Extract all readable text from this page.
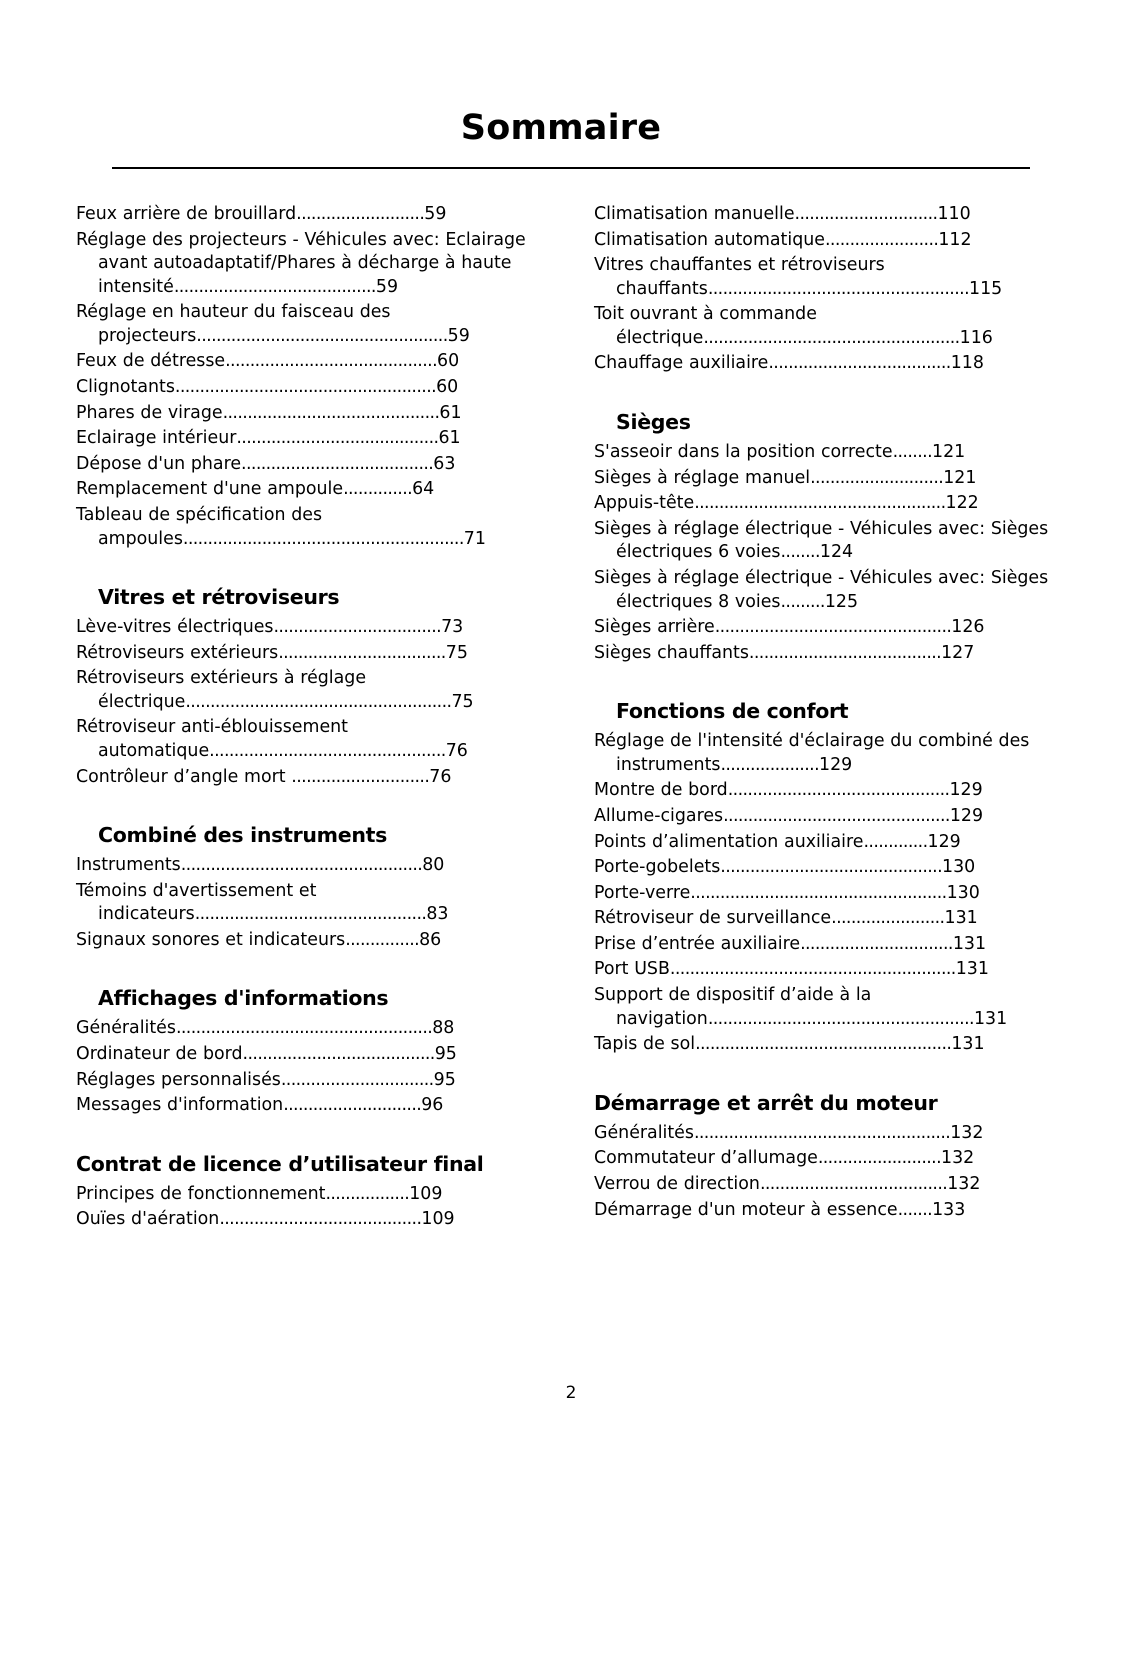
Sommaire
Feux arrière de brouillard..........................59
Réglage des projecteurs - Véhicules avec: Eclairage avant autoadaptatif/Phares à décharge à haute intensité.........................................59
Réglage en hauteur du faisceau des projecteurs...................................................59
Feux de détresse...........................................60
Clignotants.....................................................60
Phares de virage............................................61
Eclairage intérieur.........................................61
Dépose d'un phare.......................................63
Remplacement d'une ampoule..............64
Tableau de spécification des ampoules.........................................................71
Vitres et rétroviseurs
Lève-vitres électriques..................................73
Rétroviseurs extérieurs..................................75
Rétroviseurs extérieurs à réglage électrique......................................................75
Rétroviseur anti-éblouissement automatique................................................76
Contrôleur d’angle mort ............................76
Combiné des instruments
Instruments.................................................80
Témoins d'avertissement et indicateurs...............................................83
Signaux sonores et indicateurs...............86
Affichages d'informations
Généralités....................................................88
Ordinateur de bord.......................................95
Réglages personnalisés...............................95
Messages d'information............................96
Contrat de licence d’utilisateur final
Principes de fonctionnement.................109
Ouïes d'aération.........................................109
Climatisation manuelle.............................110
Climatisation automatique.......................112
Vitres chauffantes et rétroviseurs chauffants.....................................................115
Toit ouvrant à commande électrique....................................................116
Chauffage auxiliaire.....................................118
Sièges
S'asseoir dans la position correcte........121
Sièges à réglage manuel...........................121
Appuis-tête...................................................122
Sièges à réglage électrique - Véhicules avec: Sièges électriques 6 voies........124
Sièges à réglage électrique - Véhicules avec: Sièges électriques 8 voies.........125
Sièges arrière................................................126
Sièges chauffants.......................................127
Fonctions de confort
Réglage de l'intensité d'éclairage du combiné des instruments....................129
Montre de bord.............................................129
Allume-cigares..............................................129
Points d’alimentation auxiliaire.............129
Porte-gobelets.............................................130
Porte-verre....................................................130
Rétroviseur de surveillance.......................131
Prise d’entrée auxiliaire...............................131
Port USB..........................................................131
Support de dispositif d’aide à la navigation......................................................131
Tapis de sol....................................................131
Démarrage et arrêt du moteur
Généralités....................................................132
Commutateur d’allumage.........................132
Verrou de direction......................................132
Démarrage d'un moteur à essence.......133
2
